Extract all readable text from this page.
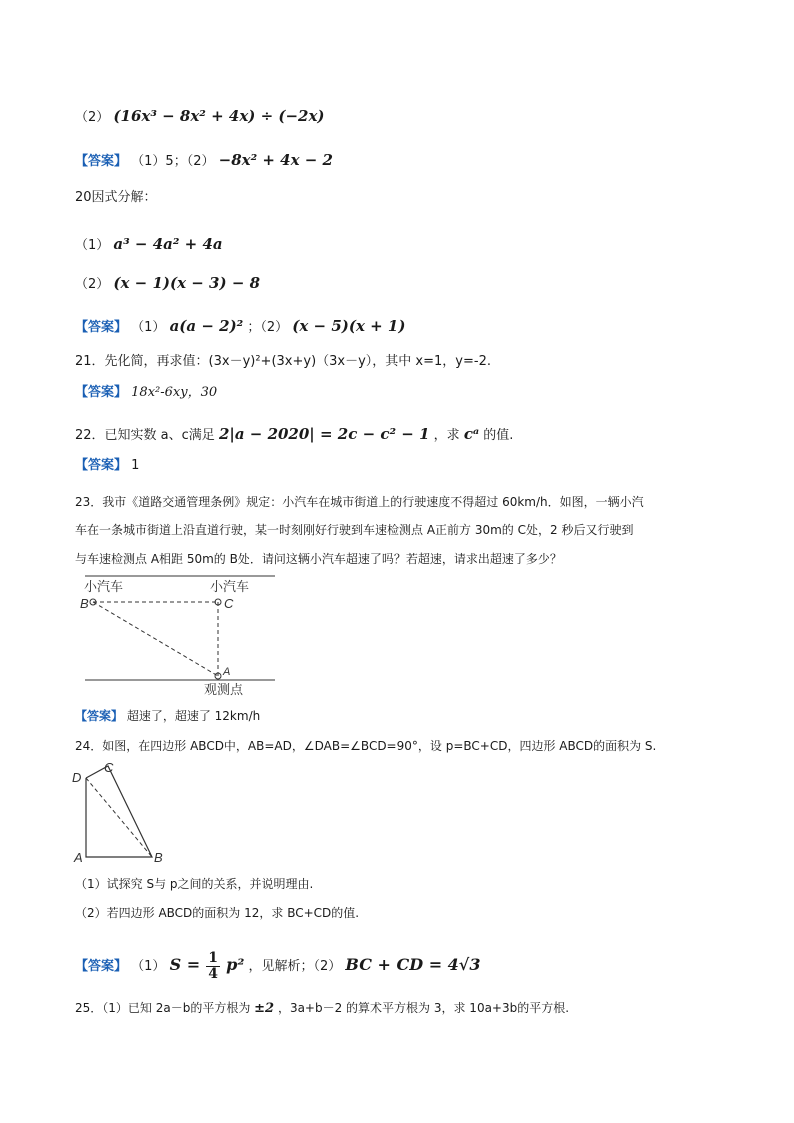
（2） (16x³ − 8x² + 4x) ÷ (−2x)
【答案】 （1）5；（2） −8x² + 4x − 2
20因式分解：
（1） a³ − 4a² + 4a
（2） (x − 1)(x − 3) − 8
【答案】 （1） a(a − 2)² ；（2） (x − 5)(x + 1)
21．先化简，再求值：(3x－y)²+(3x+y)（3x－y），其中 x=1，y=-2.
【答案】 18x²-6xy，30
22．已知实数 a、c满足 2|a − 2020| = 2c − c² − 1 ，求 cᵃ 的值.
【答案】 1
23．我市《道路交通管理条例》规定：小汽车在城市街道上的行驶速度不得超过 60km/h．如图，一辆小汽
车在一条城市街道上沿直道行驶，某一时刻刚好行驶到车速检测点 A正前方 30m的 C处，2 秒后又行驶到
与车速检测点 A相距 50m的 B处．请问这辆小汽车超速了吗？若超速，请求出超速了多少？
小汽车	小汽车
B	C
A
观测点
【答案】 超速了，超速了 12km/h
24．如图，在四边形 ABCD中，AB=AD，∠DAB=∠BCD=90°，设 p=BC+CD，四边形 ABCD的面积为 S.
D
C
A	B
（1）试探究 S与 p之间的关系，并说明理由.
（2）若四边形 ABCD的面积为 12，求 BC+CD的值.
【答案】 （1） $S = \frac{1}{4} p^2$ ，见解析；（2） BC + CD = 4√3
25．（1）已知 2a－b的平方根为 ±2 ，3a+b－2 的算术平方根为 3，求 10a+3b的平方根.
